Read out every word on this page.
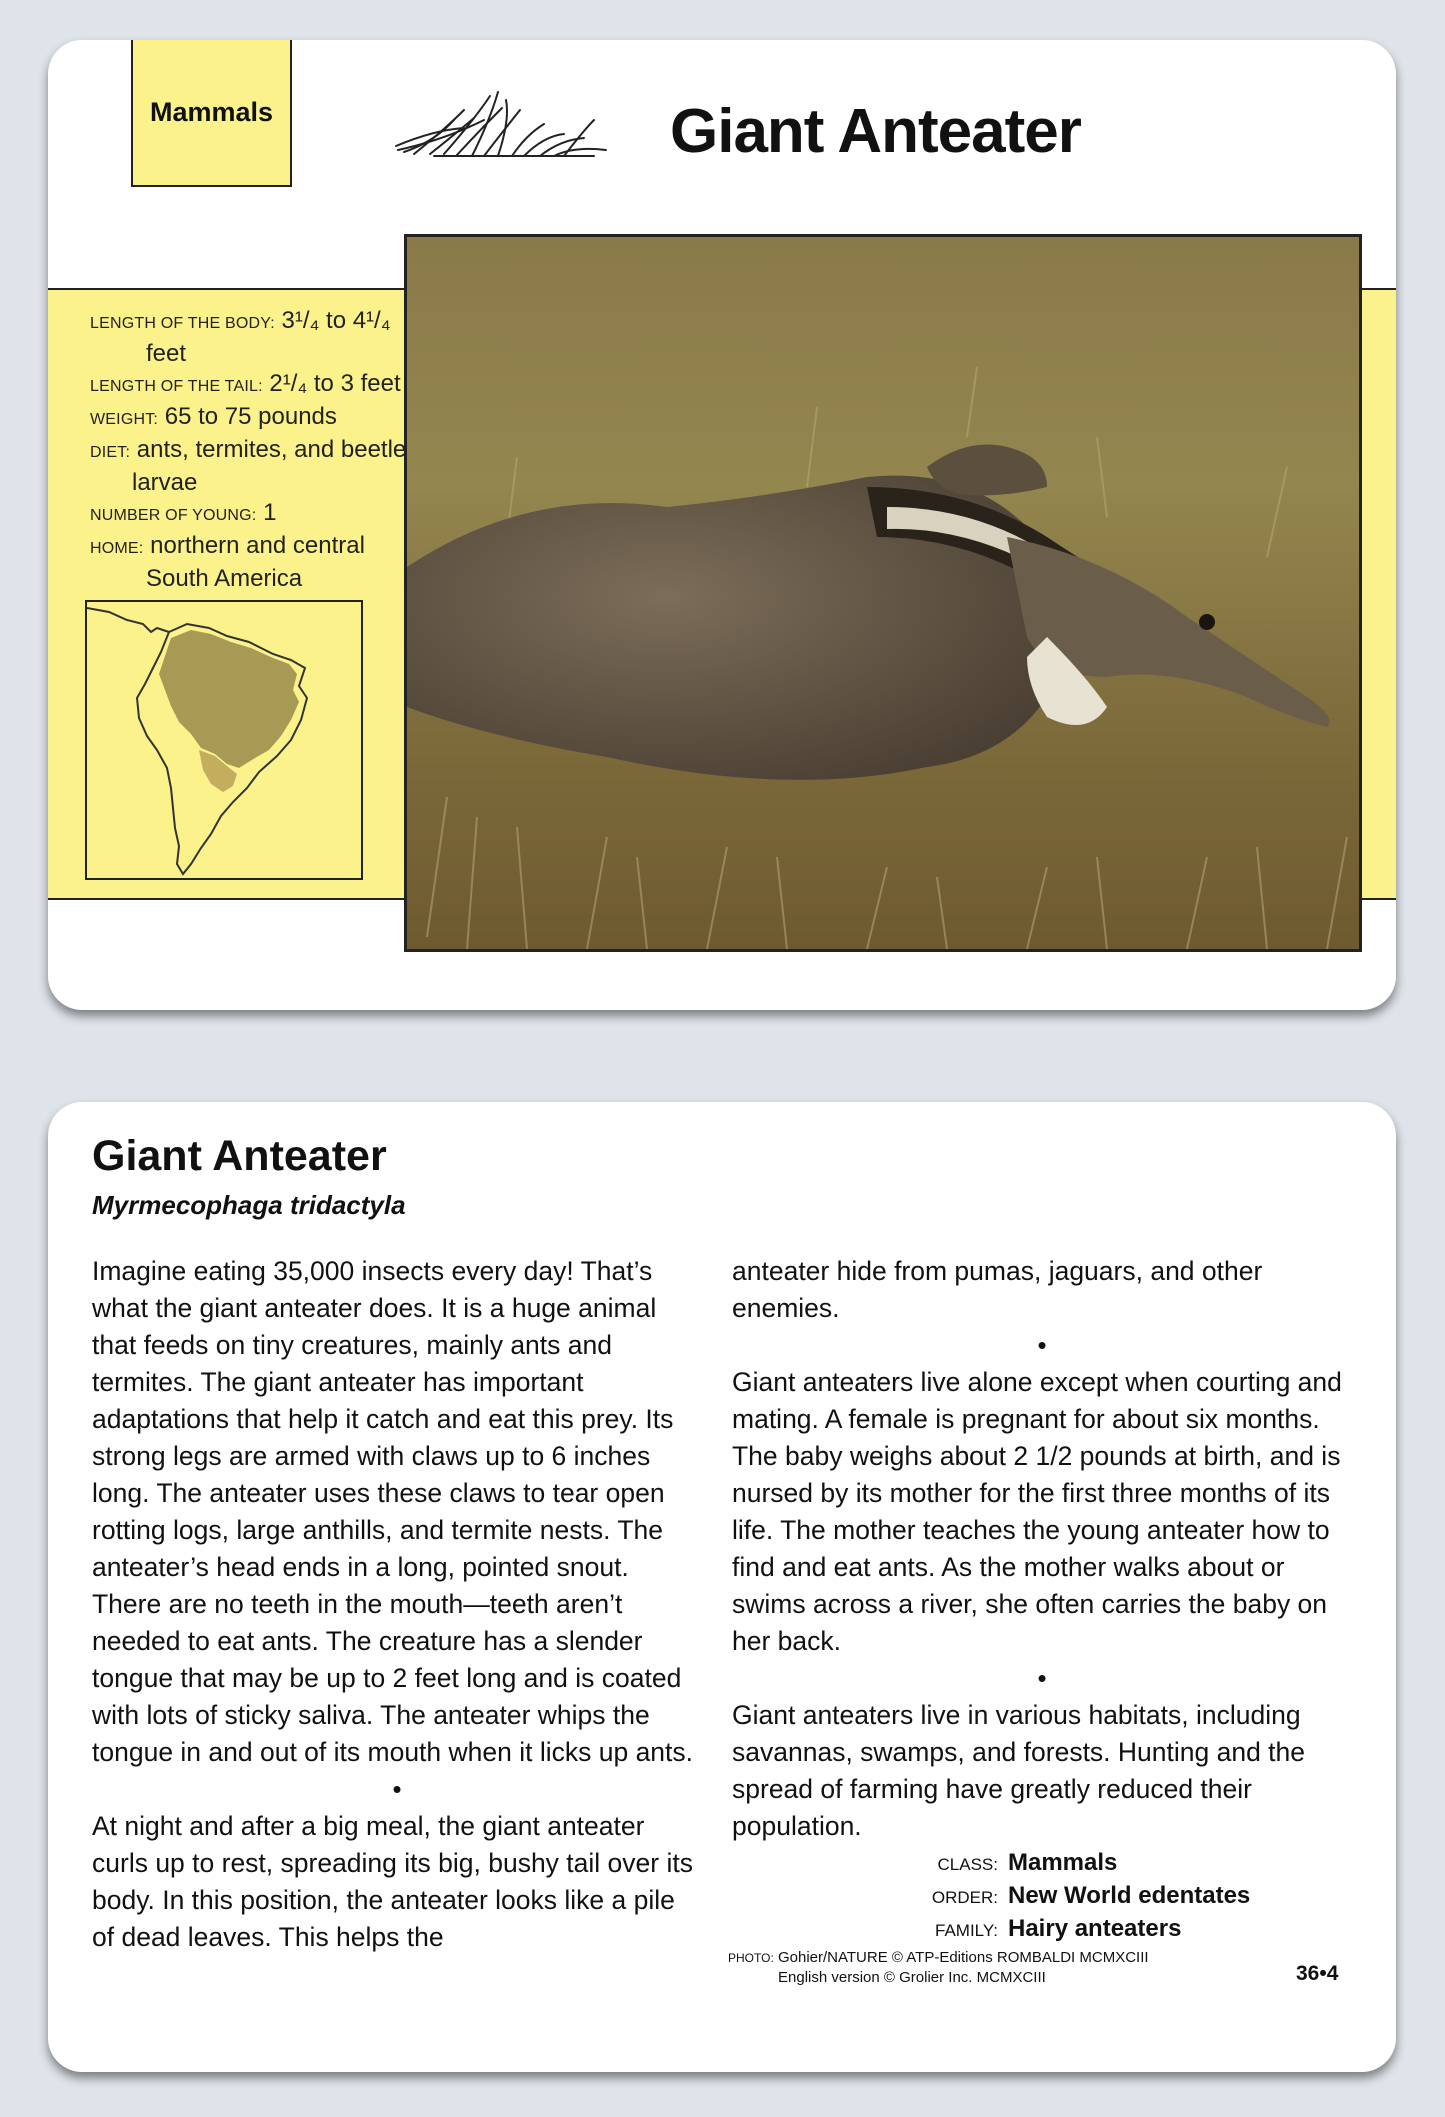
Mammals	Giant Anteater

LENGTH OF THE BODY: 3¹/₄ to 4¹/₄
feet

LENGTH OF THE TAIL: 2¹/₄ to 3 feet

WEIGHT: 65 to 75 pounds

DIET: ants, termites, and beetle
larvae

NUMBER OF YOUNG: 1

HOME: northern and central
South America

Giant Anteater
Myrmecophaga tridactyla

Imagine eating 35,000 insects every day! That’s what the giant anteater does. It is a huge animal that feeds on tiny creatures, mainly ants and termites. The giant anteater has important adaptations that help it catch and eat this prey. Its strong legs are armed with claws up to 6 inches long. The anteater uses these claws to tear open rotting logs, large anthills, and termite nests. The anteater’s head ends in a long, pointed snout. There are no teeth in the mouth—teeth aren’t needed to eat ants. The creature has a slender tongue that may be up to 2 feet long and is coated with lots of sticky saliva. The anteater whips the tongue in and out of its mouth when it licks up ants.

•

At night and after a big meal, the giant anteater curls up to rest, spreading its big, bushy tail over its body. In this position, the anteater looks like a pile of dead leaves. This helps the

anteater hide from pumas, jaguars, and other enemies.

•

Giant anteaters live alone except when courting and mating. A female is pregnant for about six months. The baby weighs about 2 1/2 pounds at birth, and is nursed by its mother for the first three months of its life. The mother teaches the young anteater how to find and eat ants. As the mother walks about or swims across a river, she often carries the baby on her back.

•

Giant anteaters live in various habitats, including savannas, swamps, and forests. Hunting and the spread of farming have greatly reduced their population.

CLASS: Mammals
ORDER: New World edentates
FAMILY: Hairy anteaters
PHOTO: Gohier/NATURE © ATP-Editions ROMBALDI MCMXCIII
English version © Grolier Inc. MCMXCIII	36•4
